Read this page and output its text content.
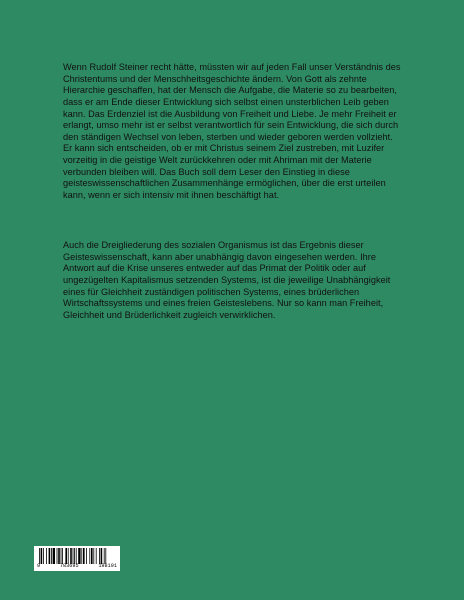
Wenn Rudolf Steiner recht hätte, müssten wir auf jeden Fall unser Verständnis des Christentums und der Menschheitsgeschichte ändern. Von Gott als zehnte Hierarchie geschaffen, hat der Mensch die Aufgabe, die Materie so zu bearbeiten, dass er am Ende dieser Entwicklung sich selbst einen unsterblichen Leib geben kann. Das Erdenziel ist die Ausbildung von Freiheit und Liebe. Je mehr Freiheit er erlangt, umso mehr ist er selbst verantwortlich für sein Entwicklung, die sich durch den ständigen Wechsel von leben, sterben und wieder geboren werden vollzieht. Er kann sich entscheiden, ob er mit Christus seinem Ziel zustreben, mit Luzifer vorzeitig in die geistige Welt zurückkehren oder mit Ahriman mit der Materie verbunden bleiben will. Das Buch soll dem Leser den Einstieg in diese geisteswissenschaftlichen Zusammenhänge ermöglichen, über die erst urteilen kann, wenn er sich intensiv mit ihnen beschäftigt hat.

Auch die Dreigliederung des sozialen Organismus ist das Ergebnis dieser Geisteswissenschaft, kann aber unabhängig davon eingesehen werden. Ihre Antwort auf die Krise unseres entweder auf das Primat der Politik oder auf ungezügelten Kapitalismus setzenden Systems, ist die jeweilige Unabhängigkeit eines für Gleichheit zuständigen politischen Systems, eines brüderlichen Wirtschaftssystems und eines freien Geisteslebens. Nur so kann man Freiheit, Gleichheit und Brüderlichkeit zugleich verwirklichen.

9	783695	198191
